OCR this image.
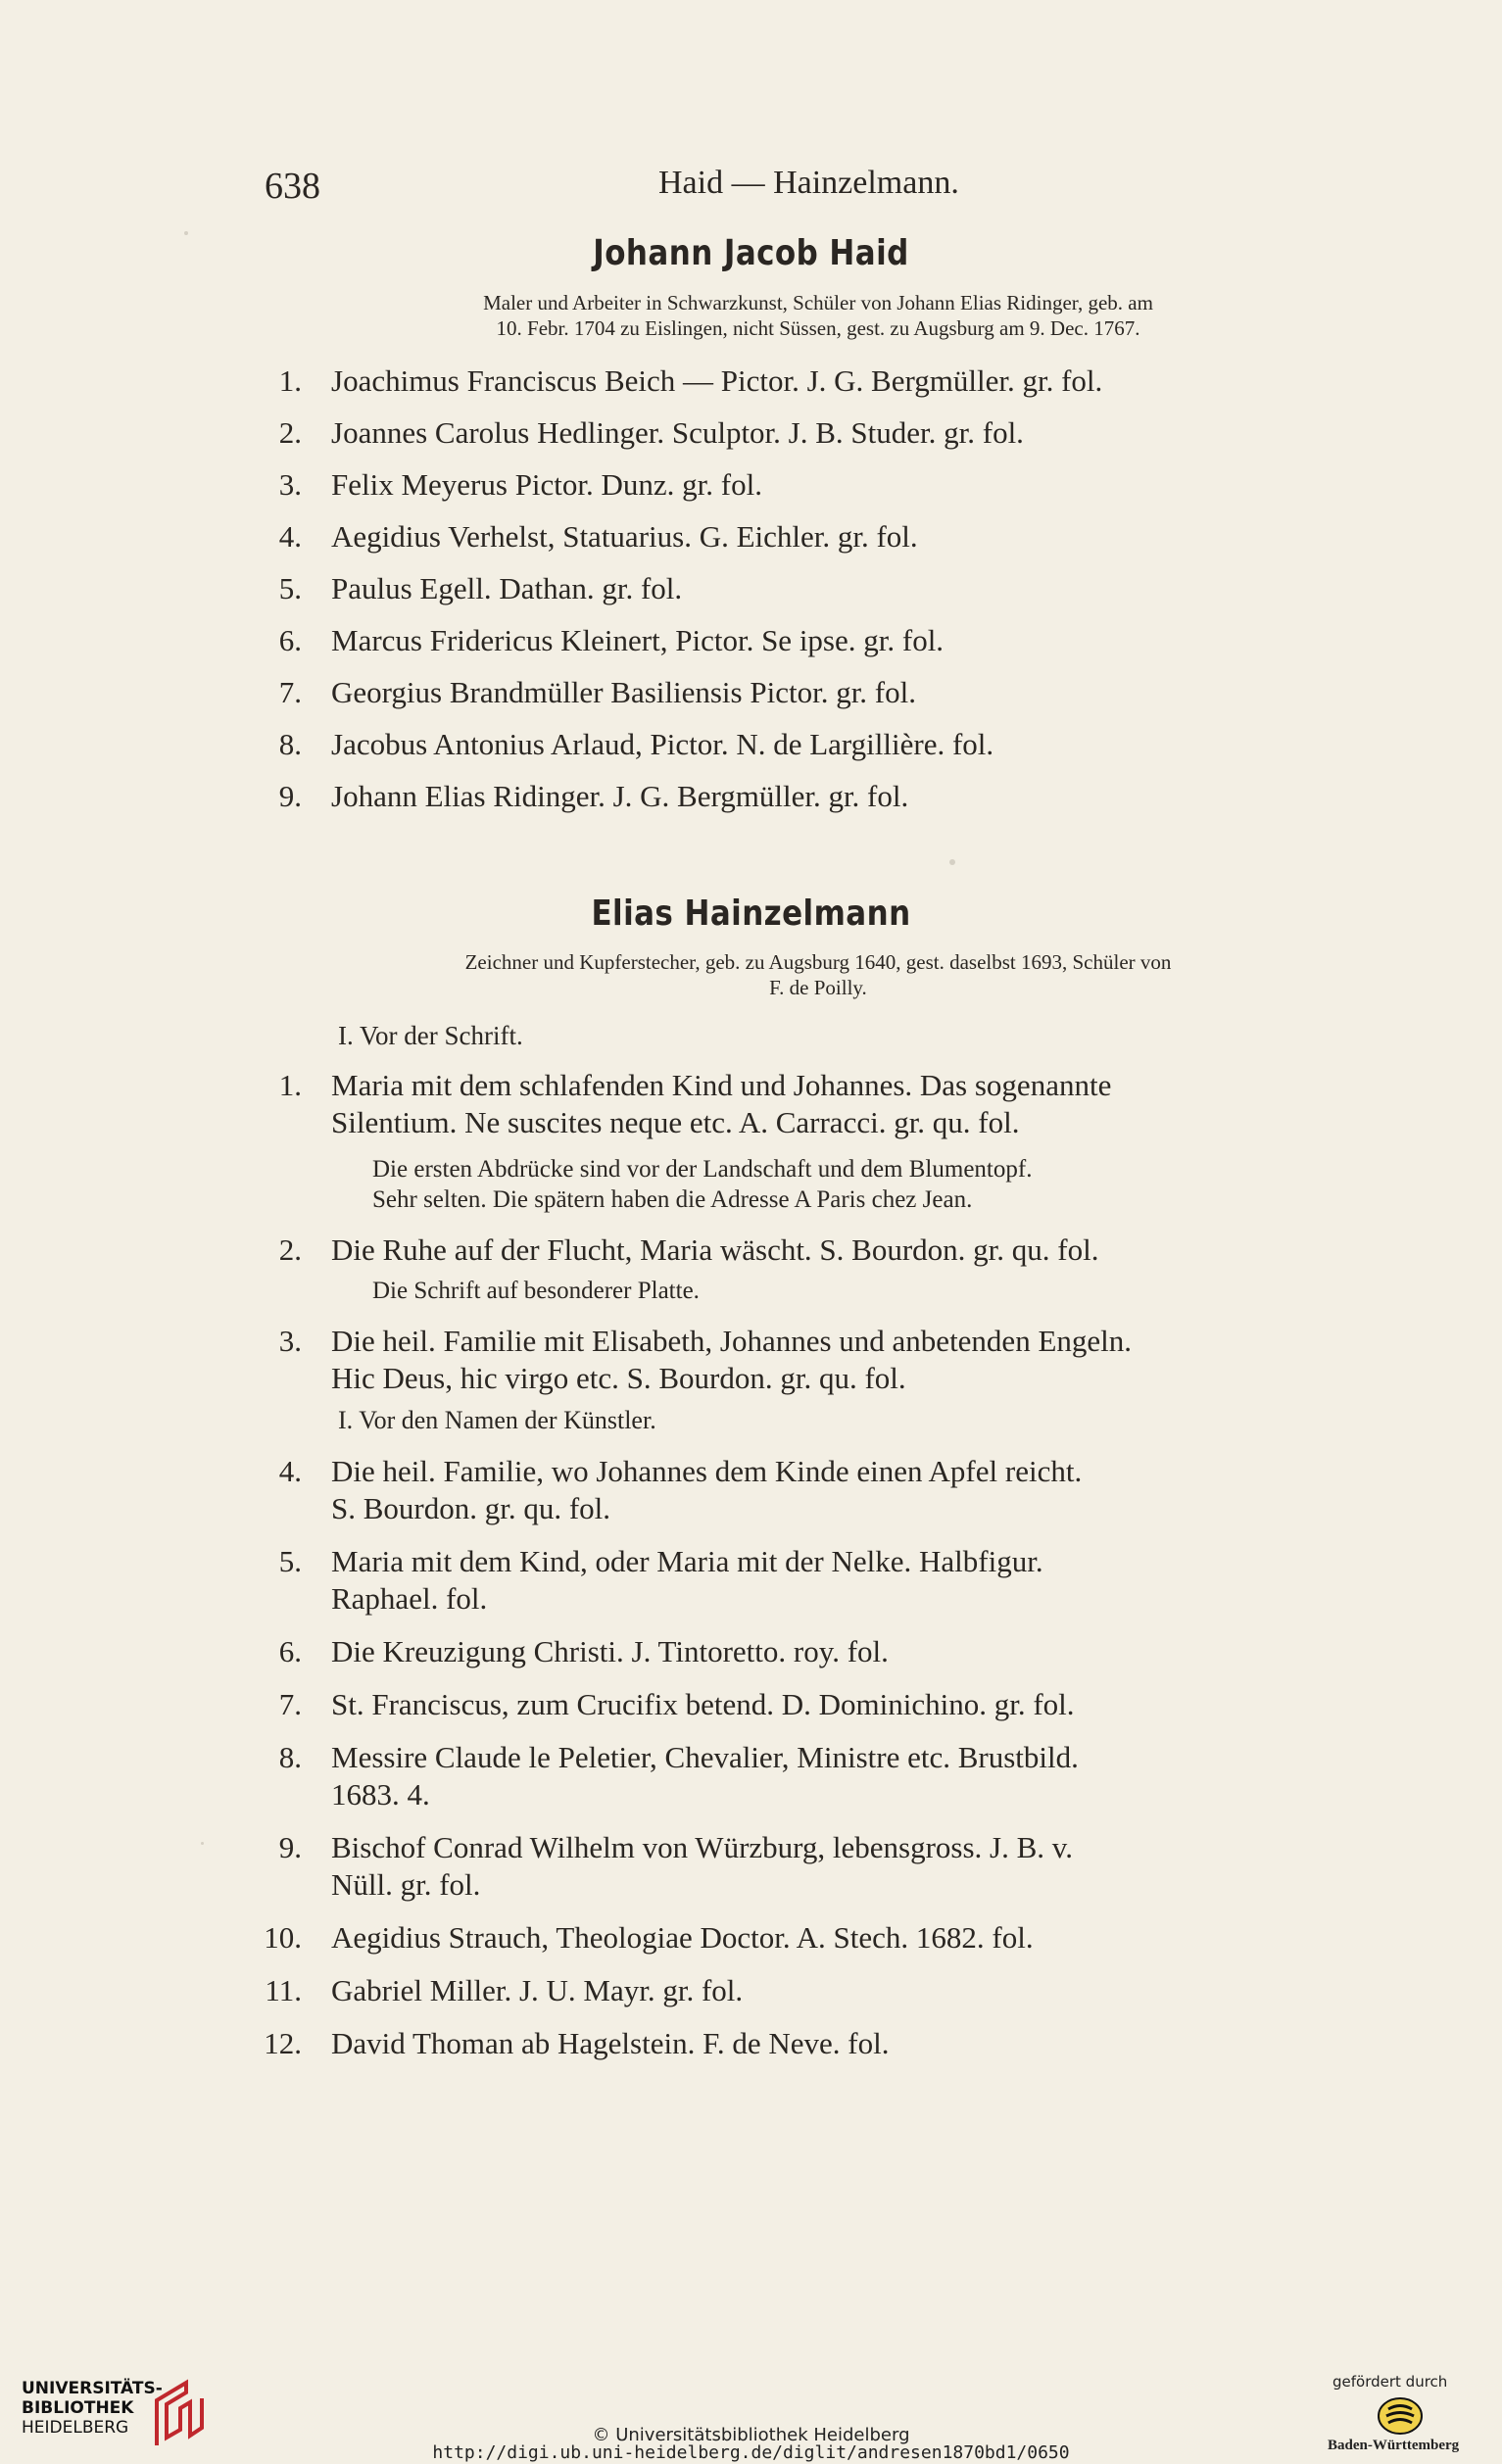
638	Haid — Hainzelmann.
Johann Jacob Haid
Maler und Arbeiter in Schwarzkunst, Schüler von Johann Elias Ridinger, geb. am
10. Febr. 1704 zu Eislingen, nicht Süssen, gest. zu Augsburg am 9. Dec. 1767.
1. Joachimus Franciscus Beich — Pictor. J. G. Bergmüller. gr. fol.
2. Joannes Carolus Hedlinger. Sculptor. J. B. Studer. gr. fol.
3. Felix Meyerus Pictor. Dunz. gr. fol.
4. Aegidius Verhelst, Statuarius. G. Eichler. gr. fol.
5. Paulus Egell. Dathan. gr. fol.
6. Marcus Fridericus Kleinert, Pictor. Se ipse. gr. fol.
7. Georgius Brandmüller Basiliensis Pictor. gr. fol.
8. Jacobus Antonius Arlaud, Pictor. N. de Largillière. fol.
9. Johann Elias Ridinger. J. G. Bergmüller. gr. fol.
Elias Hainzelmann
Zeichner und Kupferstecher, geb. zu Augsburg 1640, gest. daselbst 1693, Schüler von
F. de Poilly.
I. Vor der Schrift.
1. Maria mit dem schlafenden Kind und Johannes. Das sogenannte
Silentium. Ne suscites neque etc. A. Carracci. gr. qu. fol.
Die ersten Abdrücke sind vor der Landschaft und dem Blumentopf.
Sehr selten. Die spätern haben die Adresse A Paris chez Jean.
2. Die Ruhe auf der Flucht, Maria wäscht. S. Bourdon. gr. qu. fol.
Die Schrift auf besonderer Platte.
3. Die heil. Familie mit Elisabeth, Johannes und anbetenden Engeln.
Hic Deus, hic virgo etc. S. Bourdon. gr. qu. fol.
I. Vor den Namen der Künstler.
4. Die heil. Familie, wo Johannes dem Kinde einen Apfel reicht.
S. Bourdon. gr. qu. fol.
5. Maria mit dem Kind, oder Maria mit der Nelke. Halbfigur.
Raphael. fol.
6. Die Kreuzigung Christi. J. Tintoretto. roy. fol.
7. St. Franciscus, zum Crucifix betend. D. Dominichino. gr. fol.
8. Messire Claude le Peletier, Chevalier, Ministre etc. Brustbild.
1683. 4.
9. Bischof Conrad Wilhelm von Würzburg, lebensgross. J. B. v.
Nüll. gr. fol.
10. Aegidius Strauch, Theologiae Doctor. A. Stech. 1682. fol.
11. Gabriel Miller. J. U. Mayr. gr. fol.
12. David Thoman ab Hagelstein. F. de Neve. fol.
UNIVERSITÄTS-
BIBLIOTHEK
HEIDELBERG	© Universitätsbibliothek Heidelberg
http://digi.ub.uni-heidelberg.de/diglit/andresen1870bd1/0650
gefördert durch
Baden-Württemberg
